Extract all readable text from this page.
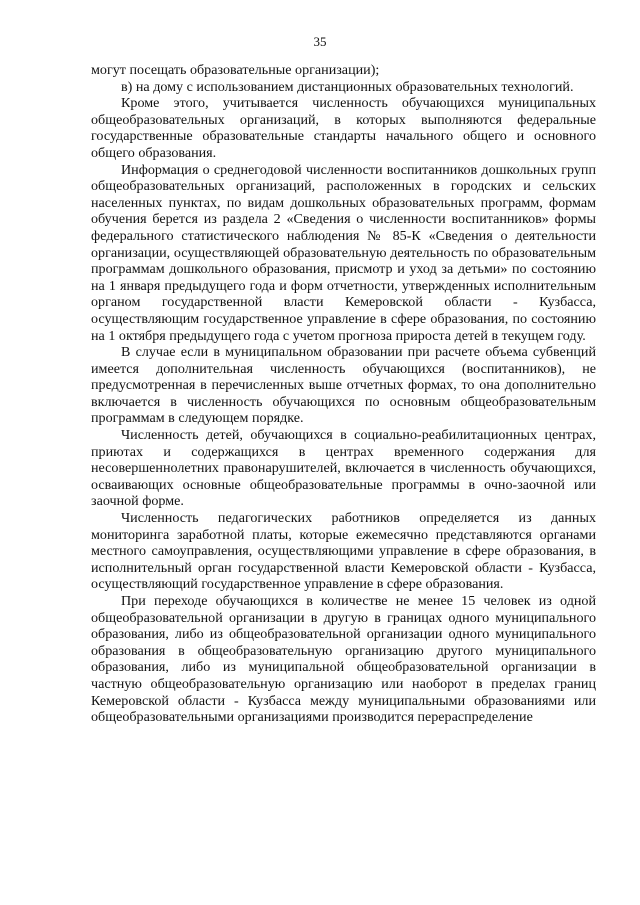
35

могут посещать образовательные организации);

в) на дому с использованием дистанционных образовательных технологий.

Кроме этого, учитывается численность обучающихся муниципальных общеобразовательных организаций, в которых выполняются федеральные государственные образовательные стандарты начального общего и основного общего образования.

Информация о среднегодовой численности воспитанников дошкольных групп общеобразовательных организаций, расположенных в городских и сельских населенных пунктах, по видам дошкольных образовательных программ, формам обучения берется из раздела 2 «Сведения о численности воспитанников» формы федерального статистического наблюдения № 85-К «Сведения о деятельности организации, осуществляющей образовательную деятельность по образовательным программам дошкольного образования, присмотр и уход за детьми» по состоянию на 1 января предыдущего года и форм отчетности, утвержденных исполнительным органом государственной власти Кемеровской области - Кузбасса, осуществляющим государственное управление в сфере образования, по состоянию на 1 октября предыдущего года с учетом прогноза прироста детей в текущем году.

В случае если в муниципальном образовании при расчете объема субвенций имеется дополнительная численность обучающихся (воспитанников), не предусмотренная в перечисленных выше отчетных формах, то она дополнительно включается в численность обучающихся по основным общеобразовательным программам в следующем порядке.

Численность детей, обучающихся в социально-реабилитационных центрах, приютах и содержащихся в центрах временного содержания для несовершеннолетних правонарушителей, включается в численность обучающихся, осваивающих основные общеобразовательные программы в очно-заочной или заочной форме.

Численность педагогических работников определяется из данных мониторинга заработной платы, которые ежемесячно представляются органами местного самоуправления, осуществляющими управление в сфере образования, в исполнительный орган государственной власти Кемеровской области - Кузбасса, осуществляющий государственное управление в сфере образования.

При переходе обучающихся в количестве не менее 15 человек из одной общеобразовательной организации в другую в границах одного муниципального образования, либо из общеобразовательной организации одного муниципального образования в общеобразовательную организацию другого муниципального образования, либо из муниципальной общеобразовательной организации в частную общеобразовательную организацию или наоборот в пределах границ Кемеровской области - Кузбасса между муниципальными образованиями или общеобразовательными организациями производится перераспределение
